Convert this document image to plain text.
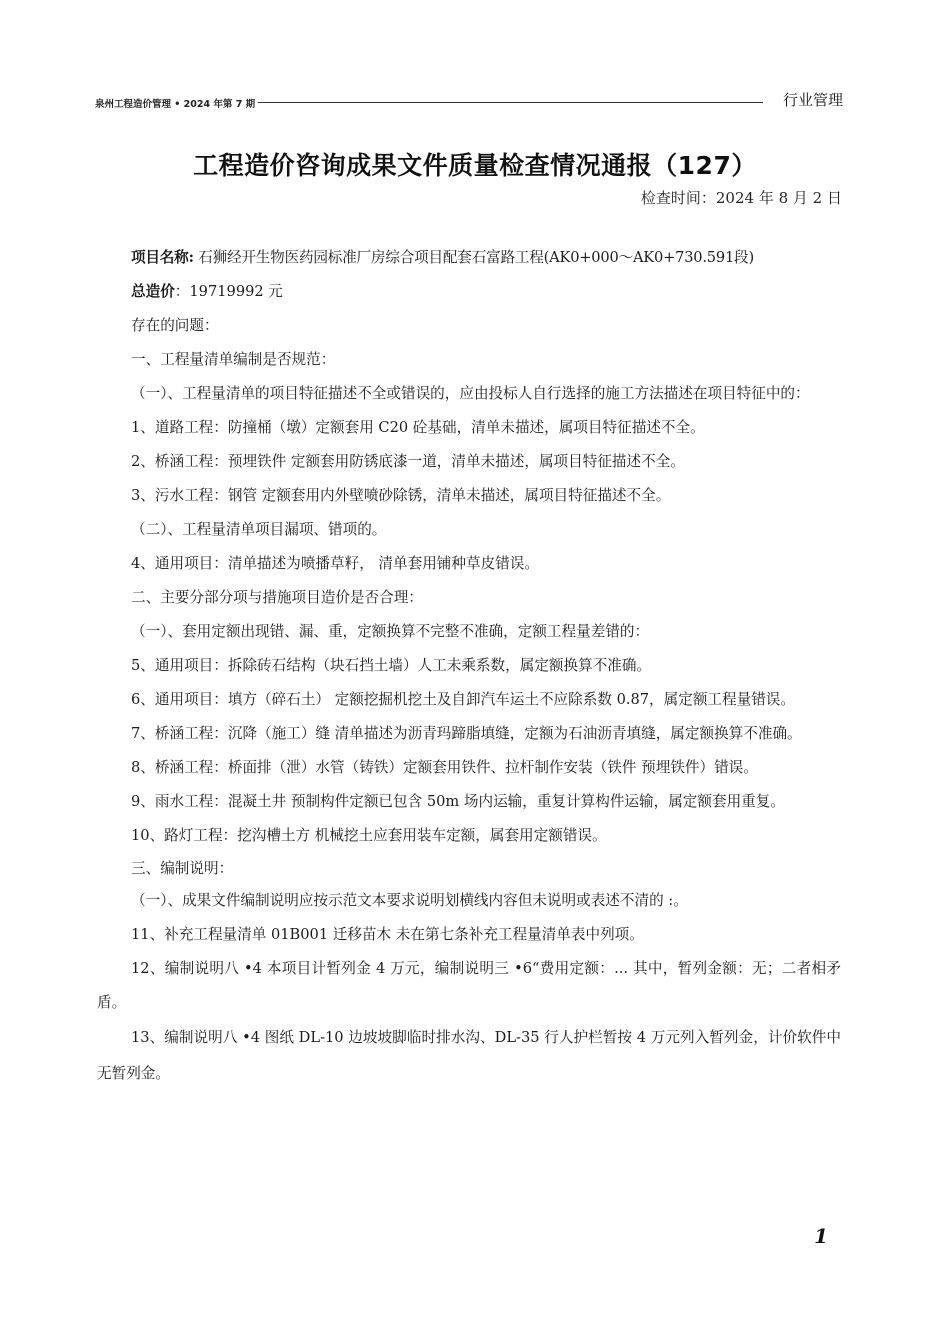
泉州工程造价管理 • 2024 年第 7 期	行业管理
工程造价咨询成果文件质量检查情况通报（127）
检查时间：2024 年 8 月 2 日

项目名称: 石狮经开生物医药园标准厂房综合项目配套石富路工程(AK0+000～AK0+730.591段)

总造价：19719992 元

存在的问题：

一、工程量清单编制是否规范：

（一）、工程量清单的项目特征描述不全或错误的，应由投标人自行选择的施工方法描述在项目特征中的：

1、道路工程：防撞桶（墩）定额套用 C20 砼基础，清单未描述，属项目特征描述不全。

2、桥涵工程：预埋铁件 定额套用防锈底漆一道，清单未描述，属项目特征描述不全。

3、污水工程：钢管 定额套用内外壁喷砂除锈，清单未描述，属项目特征描述不全。

（二）、工程量清单项目漏项、错项的。

4、通用项目：清单描述为喷播草籽， 清单套用铺种草皮错误。

二、主要分部分项与措施项目造价是否合理：

（一）、套用定额出现错、漏、重，定额换算不完整不准确，定额工程量差错的：

5、通用项目：拆除砖石结构（块石挡土墙）人工未乘系数，属定额换算不准确。

6、通用项目：填方（碎石土） 定额挖掘机挖土及自卸汽车运土不应除系数 0.87，属定额工程量错误。

7、桥涵工程：沉降（施工）缝 清单描述为沥青玛蹄脂填缝，定额为石油沥青填缝，属定额换算不准确。

8、桥涵工程：桥面排（泄）水管（铸铁）定额套用铁件、拉杆制作安装（铁件 预埋铁件）错误。

9、雨水工程：混凝土井 预制构件定额已包含 50m 场内运输，重复计算构件运输，属定额套用重复。

10、路灯工程：挖沟槽土方 机械挖土应套用装车定额，属套用定额错误。

三、编制说明：

（一）、成果文件编制说明应按示范文本要求说明划横线内容但未说明或表述不清的 :。

11、补充工程量清单 01B001 迁移苗木 未在第七条补充工程量清单表中列项。

12、编制说明八 •4 本项目计暂列金 4 万元，编制说明三 •6“费用定额：... 其中，暂列金额：无；二者相矛盾。

13、编制说明八 •4 图纸 DL-10 边坡坡脚临时排水沟、DL-35 行人护栏暂按 4 万元列入暂列金，计价软件中无暂列金。

1
